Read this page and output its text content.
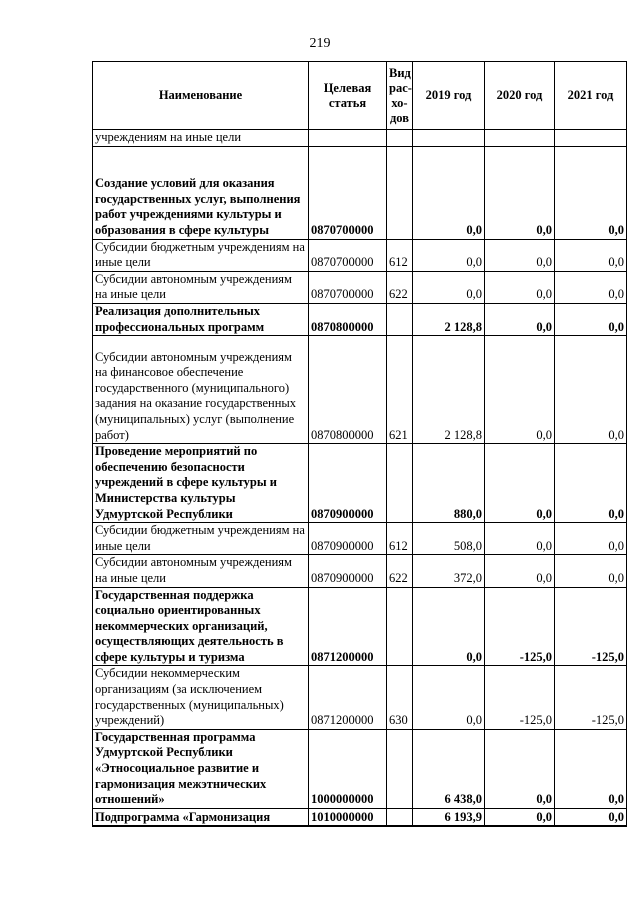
219
Наименование	Целевая статья	Вид рас-хо-дов	2019 год	2020 год	2021 год
учреждениям на иные цели					
Создание условий для оказания государственных услуг, выполнения работ учреждениями культуры и образования в сфере культуры	0870700000		0,0	0,0	0,0
Субсидии бюджетным учреждениям на иные цели	0870700000	612	0,0	0,0	0,0
Субсидии автономным учреждениям на иные цели	0870700000	622	0,0	0,0	0,0
Реализация дополнительных профессиональных программ	0870800000		2 128,8	0,0	0,0
Субсидии автономным учреждениям на финансовое обеспечение государственного (муниципального) задания на оказание государственных (муниципальных) услуг (выполнение работ)	0870800000	621	2 128,8	0,0	0,0
Проведение мероприятий по обеспечению безопасности учреждений в сфере культуры и Министерства культуры Удмуртской Республики	0870900000		880,0	0,0	0,0
Субсидии бюджетным учреждениям на иные цели	0870900000	612	508,0	0,0	0,0
Субсидии автономным учреждениям на иные цели	0870900000	622	372,0	0,0	0,0
Государственная поддержка социально ориентированных некоммерческих организаций, осуществляющих деятельность в сфере культуры и туризма	0871200000		0,0	-125,0	-125,0
Субсидии некоммерческим организациям (за исключением государственных (муниципальных) учреждений)	0871200000	630	0,0	-125,0	-125,0
Государственная программа Удмуртской Республики «Этносоциальное развитие и гармонизация межэтнических отношений»	1000000000		6 438,0	0,0	0,0
Подпрограмма «Гармонизация	1010000000		6 193,9	0,0	0,0
